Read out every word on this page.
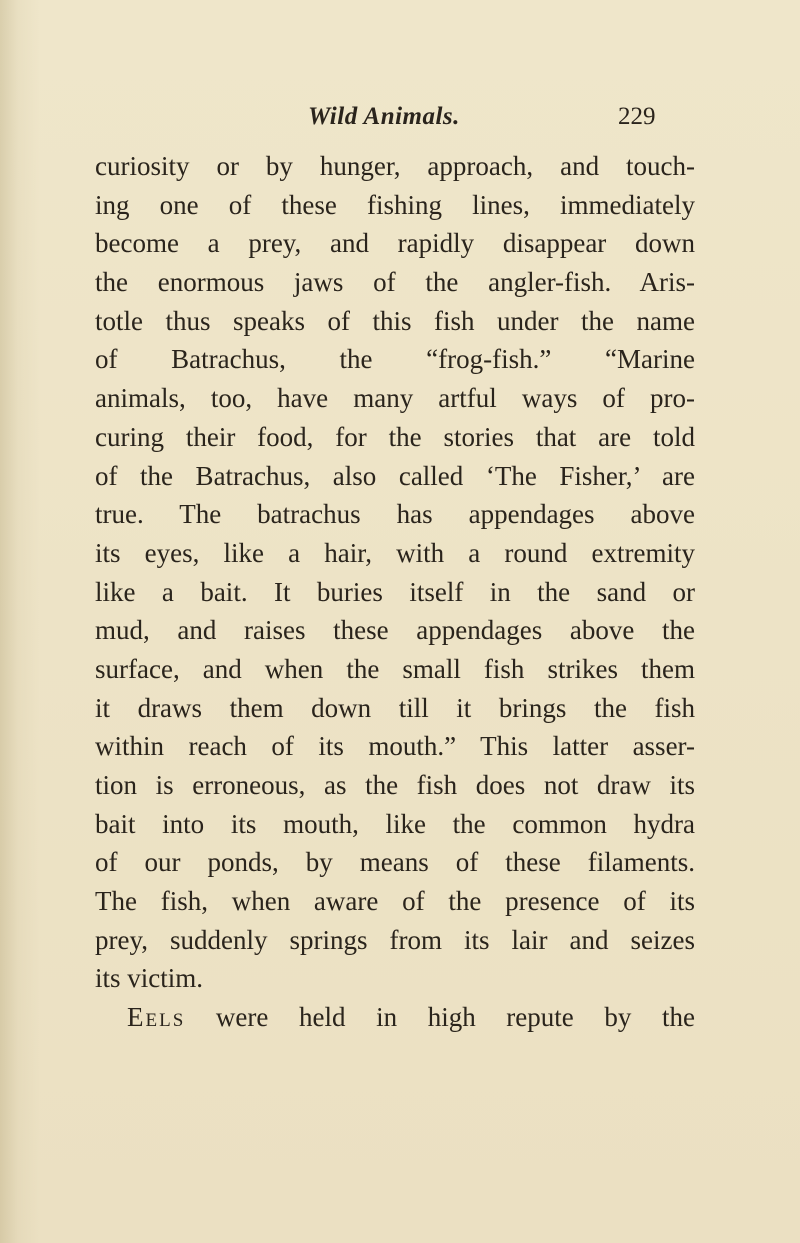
Wild Animals.	229
curiosity or by hunger, approach, and touch-
ing one of these fishing lines, immediately
become a prey, and rapidly disappear down
the enormous jaws of the angler-fish. Aris-
totle thus speaks of this fish under the name
of Batrachus, the “frog-fish.” “Marine
animals, too, have many artful ways of pro-
curing their food, for the stories that are told
of the Batrachus, also called ‘The Fisher,’ are
true. The batrachus has appendages above
its eyes, like a hair, with a round extremity
like a bait. It buries itself in the sand or
mud, and raises these appendages above the
surface, and when the small fish strikes them
it draws them down till it brings the fish
within reach of its mouth.” This latter asser-
tion is erroneous, as the fish does not draw its
bait into its mouth, like the common hydra
of our ponds, by means of these filaments.
The fish, when aware of the presence of its
prey, suddenly springs from its lair and seizes
its victim.
Eels were held in high repute by the
